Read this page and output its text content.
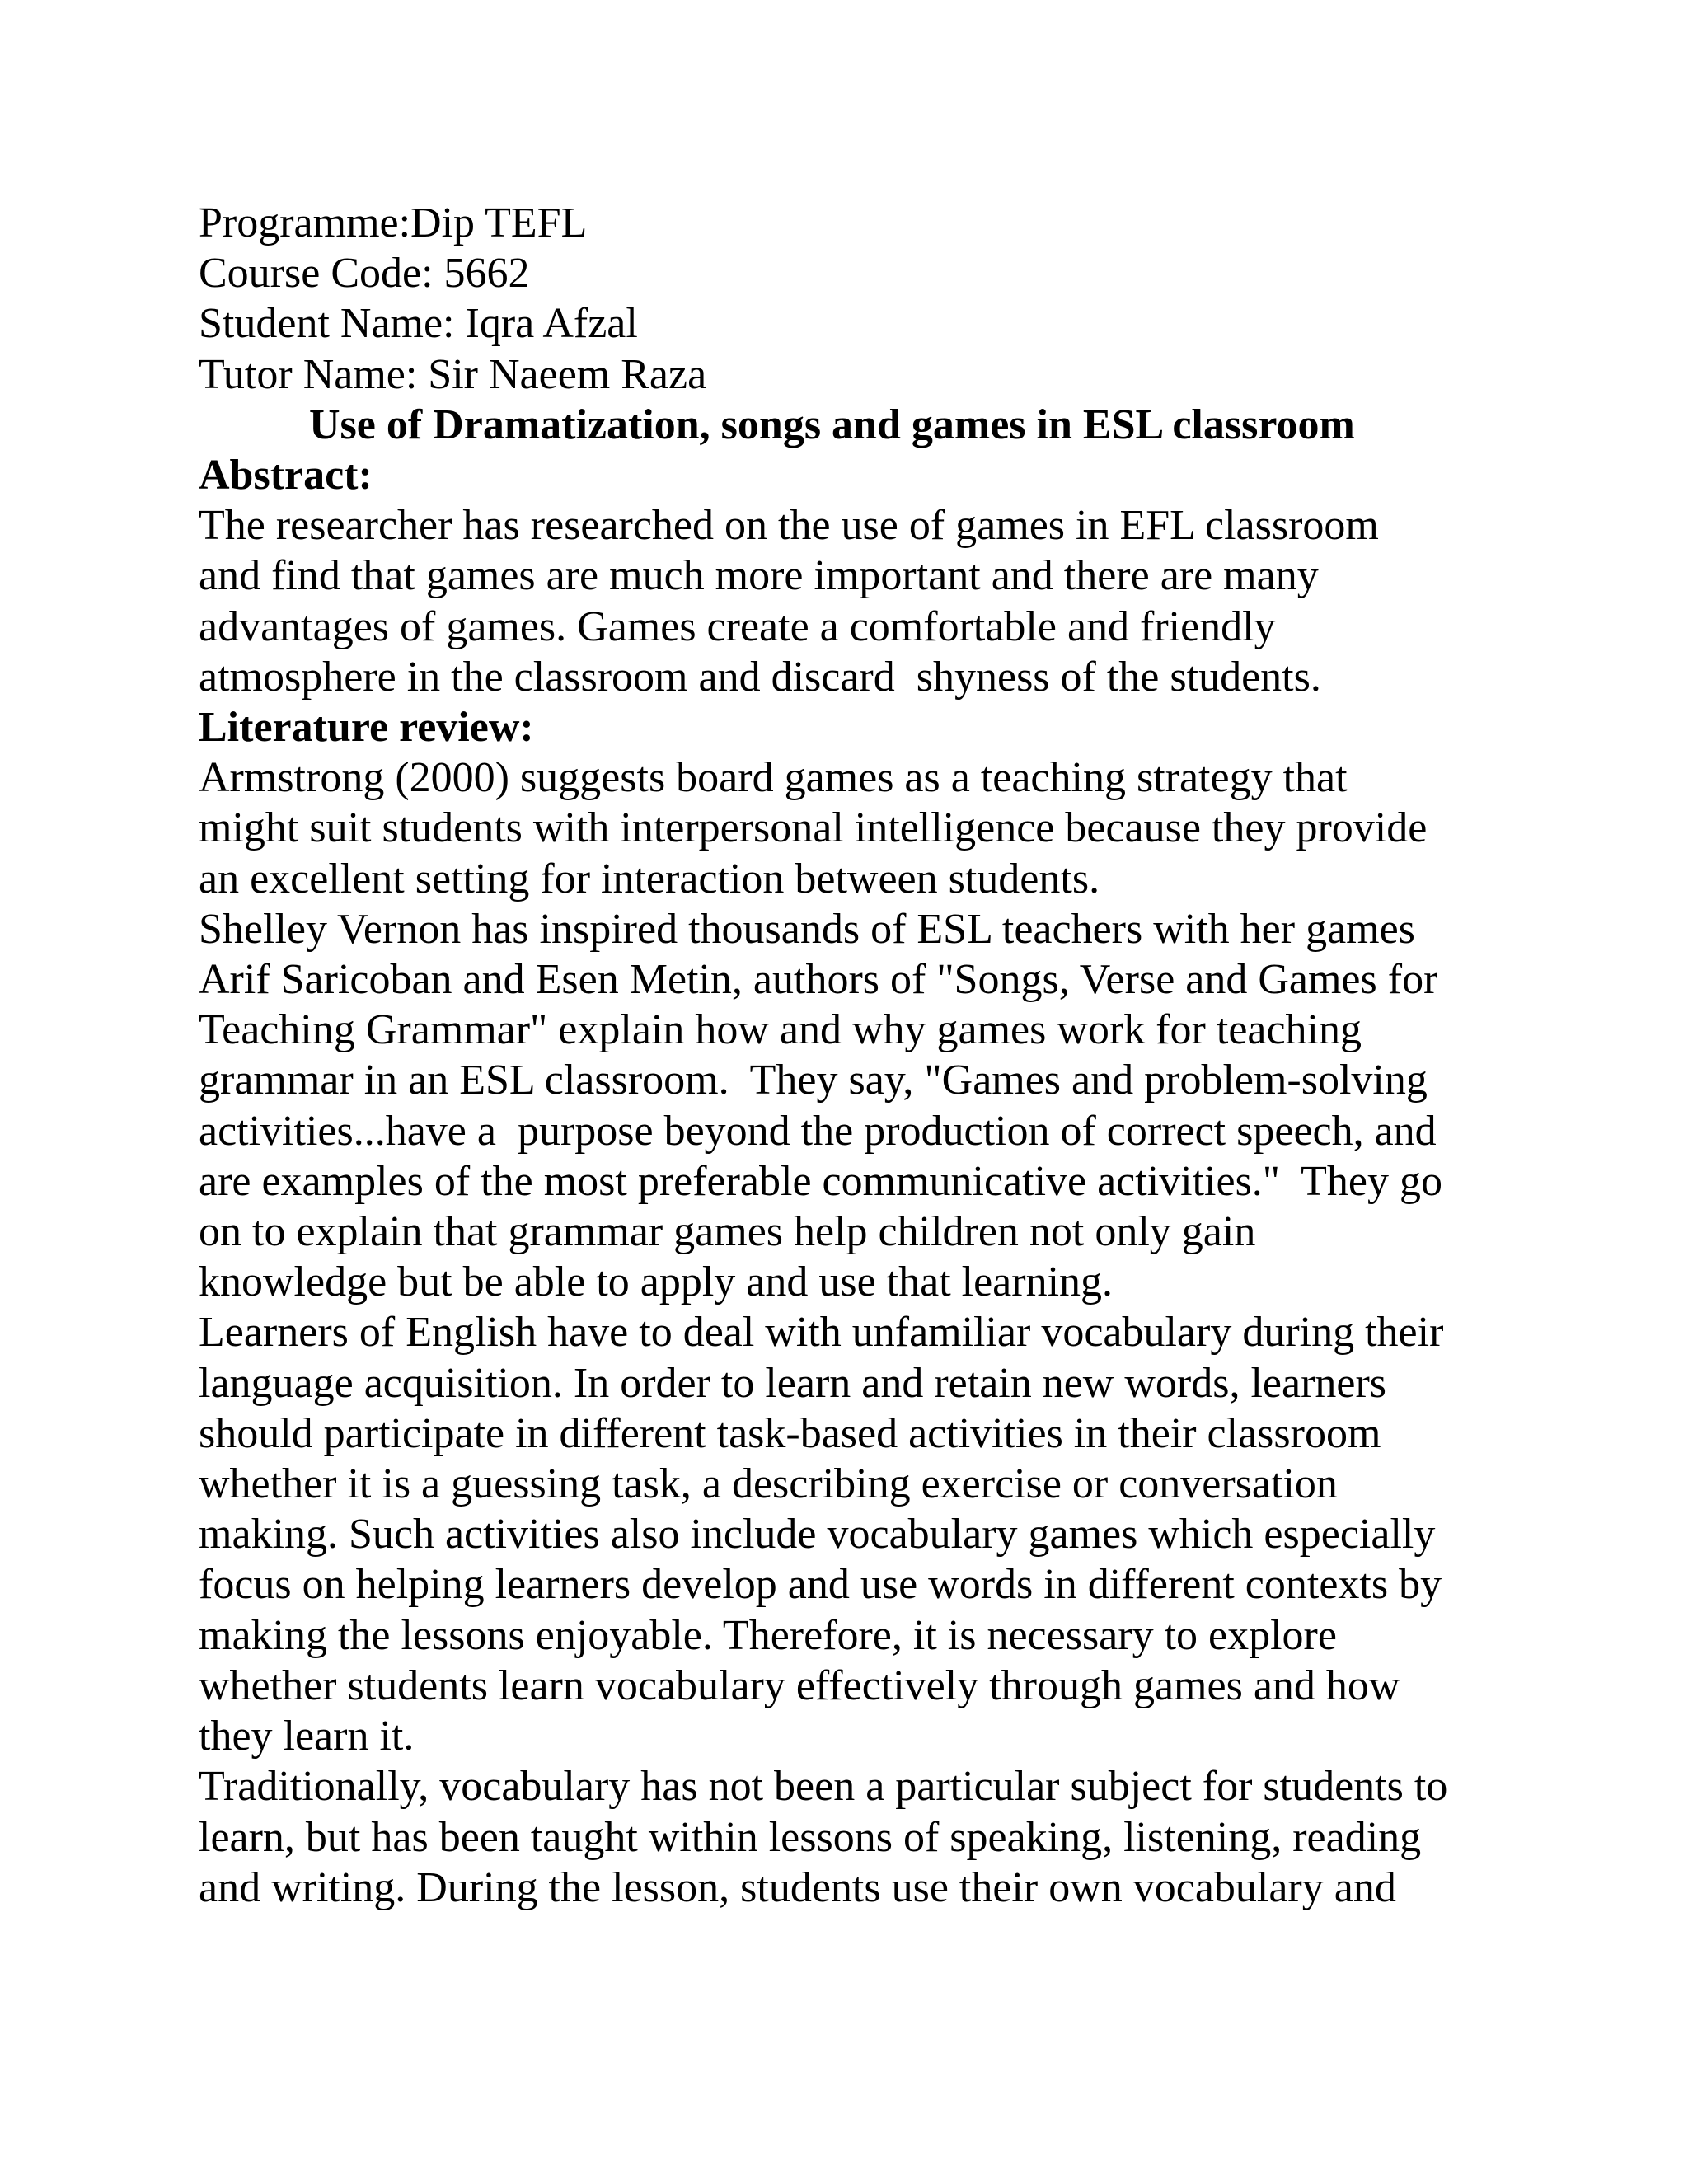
Programme:Dip TEFL
Course Code: 5662
Student Name: Iqra Afzal
Tutor Name: Sir Naeem Raza
Use of Dramatization, songs and games in ESL classroom
Abstract:
The researcher has researched on the use of games in EFL classroom
and find that games are much more important and there are many
advantages of games. Games create a comfortable and friendly
atmosphere in the classroom and discard  shyness of the students.
Literature review:
Armstrong (2000) suggests board games as a teaching strategy that
might suit students with interpersonal intelligence because they provide
an excellent setting for interaction between students.
Shelley Vernon has inspired thousands of ESL teachers with her games
Arif Saricoban and Esen Metin, authors of "Songs, Verse and Games for
Teaching Grammar" explain how and why games work for teaching
grammar in an ESL classroom.  They say, "Games and problem-solving
activities...have a  purpose beyond the production of correct speech, and
are examples of the most preferable communicative activities."  They go
on to explain that grammar games help children not only gain
knowledge but be able to apply and use that learning.
Learners of English have to deal with unfamiliar vocabulary during their
language acquisition. In order to learn and retain new words, learners
should participate in different task-based activities in their classroom
whether it is a guessing task, a describing exercise or conversation
making. Such activities also include vocabulary games which especially
focus on helping learners develop and use words in different contexts by
making the lessons enjoyable. Therefore, it is necessary to explore
whether students learn vocabulary effectively through games and how
they learn it.
Traditionally, vocabulary has not been a particular subject for students to
learn, but has been taught within lessons of speaking, listening, reading
and writing. During the lesson, students use their own vocabulary and
